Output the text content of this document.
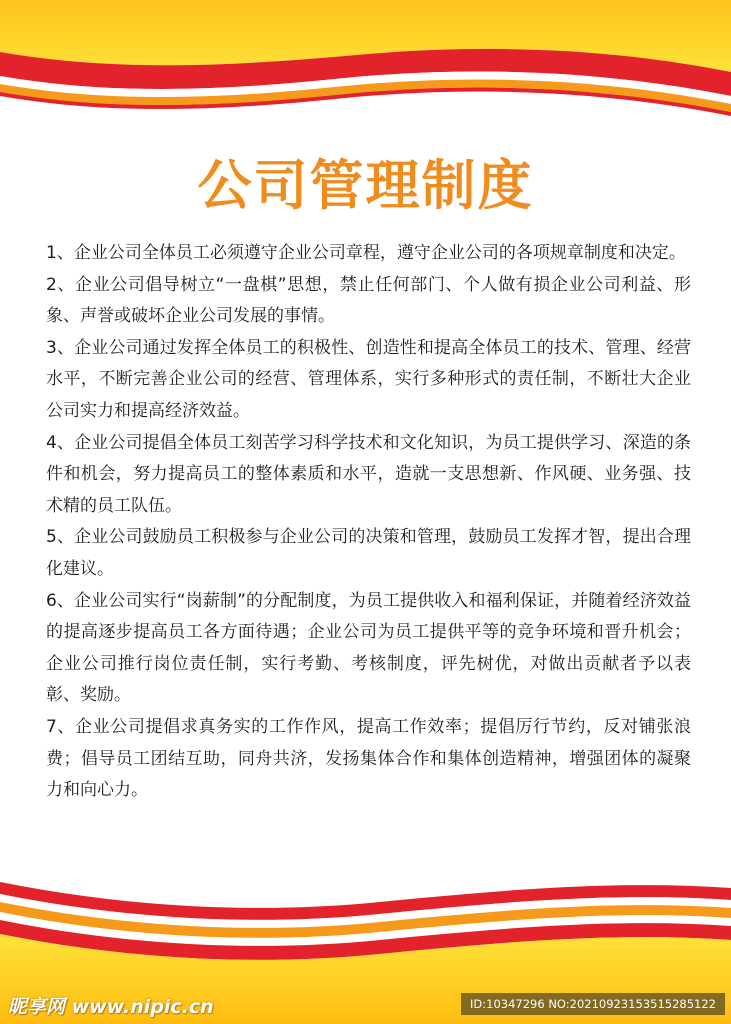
公司管理制度

1、企业公司全体员工必须遵守企业公司章程，遵守企业公司的各项规章制度和决定。

2、企业公司倡导树立“一盘棋”思想，禁止任何部门、个人做有损企业公司利益、形象、声誉或破坏企业公司发展的事情。

3、企业公司通过发挥全体员工的积极性、创造性和提高全体员工的技术、管理、经营水平，不断完善企业公司的经营、管理体系，实行多种形式的责任制，不断壮大企业公司实力和提高经济效益。

4、企业公司提倡全体员工刻苦学习科学技术和文化知识，为员工提供学习、深造的条件和机会，努力提高员工的整体素质和水平，造就一支思想新、作风硬、业务强、技术精的员工队伍。

5、企业公司鼓励员工积极参与企业公司的决策和管理，鼓励员工发挥才智，提出合理化建议。

6、企业公司实行“岗薪制”的分配制度，为员工提供收入和福利保证，并随着经济效益的提高逐步提高员工各方面待遇；企业公司为员工提供平等的竞争环境和晋升机会；企业公司推行岗位责任制，实行考勤、考核制度，评先树优，对做出贡献者予以表彰、奖励。

7、企业公司提倡求真务实的工作作风，提高工作效率；提倡厉行节约，反对铺张浪费；倡导员工团结互助，同舟共济，发扬集体合作和集体创造精神，增强团体的凝聚力和向心力。

昵享网 www.nipic.cn	ID:10347296 NO:20210923153515285122
